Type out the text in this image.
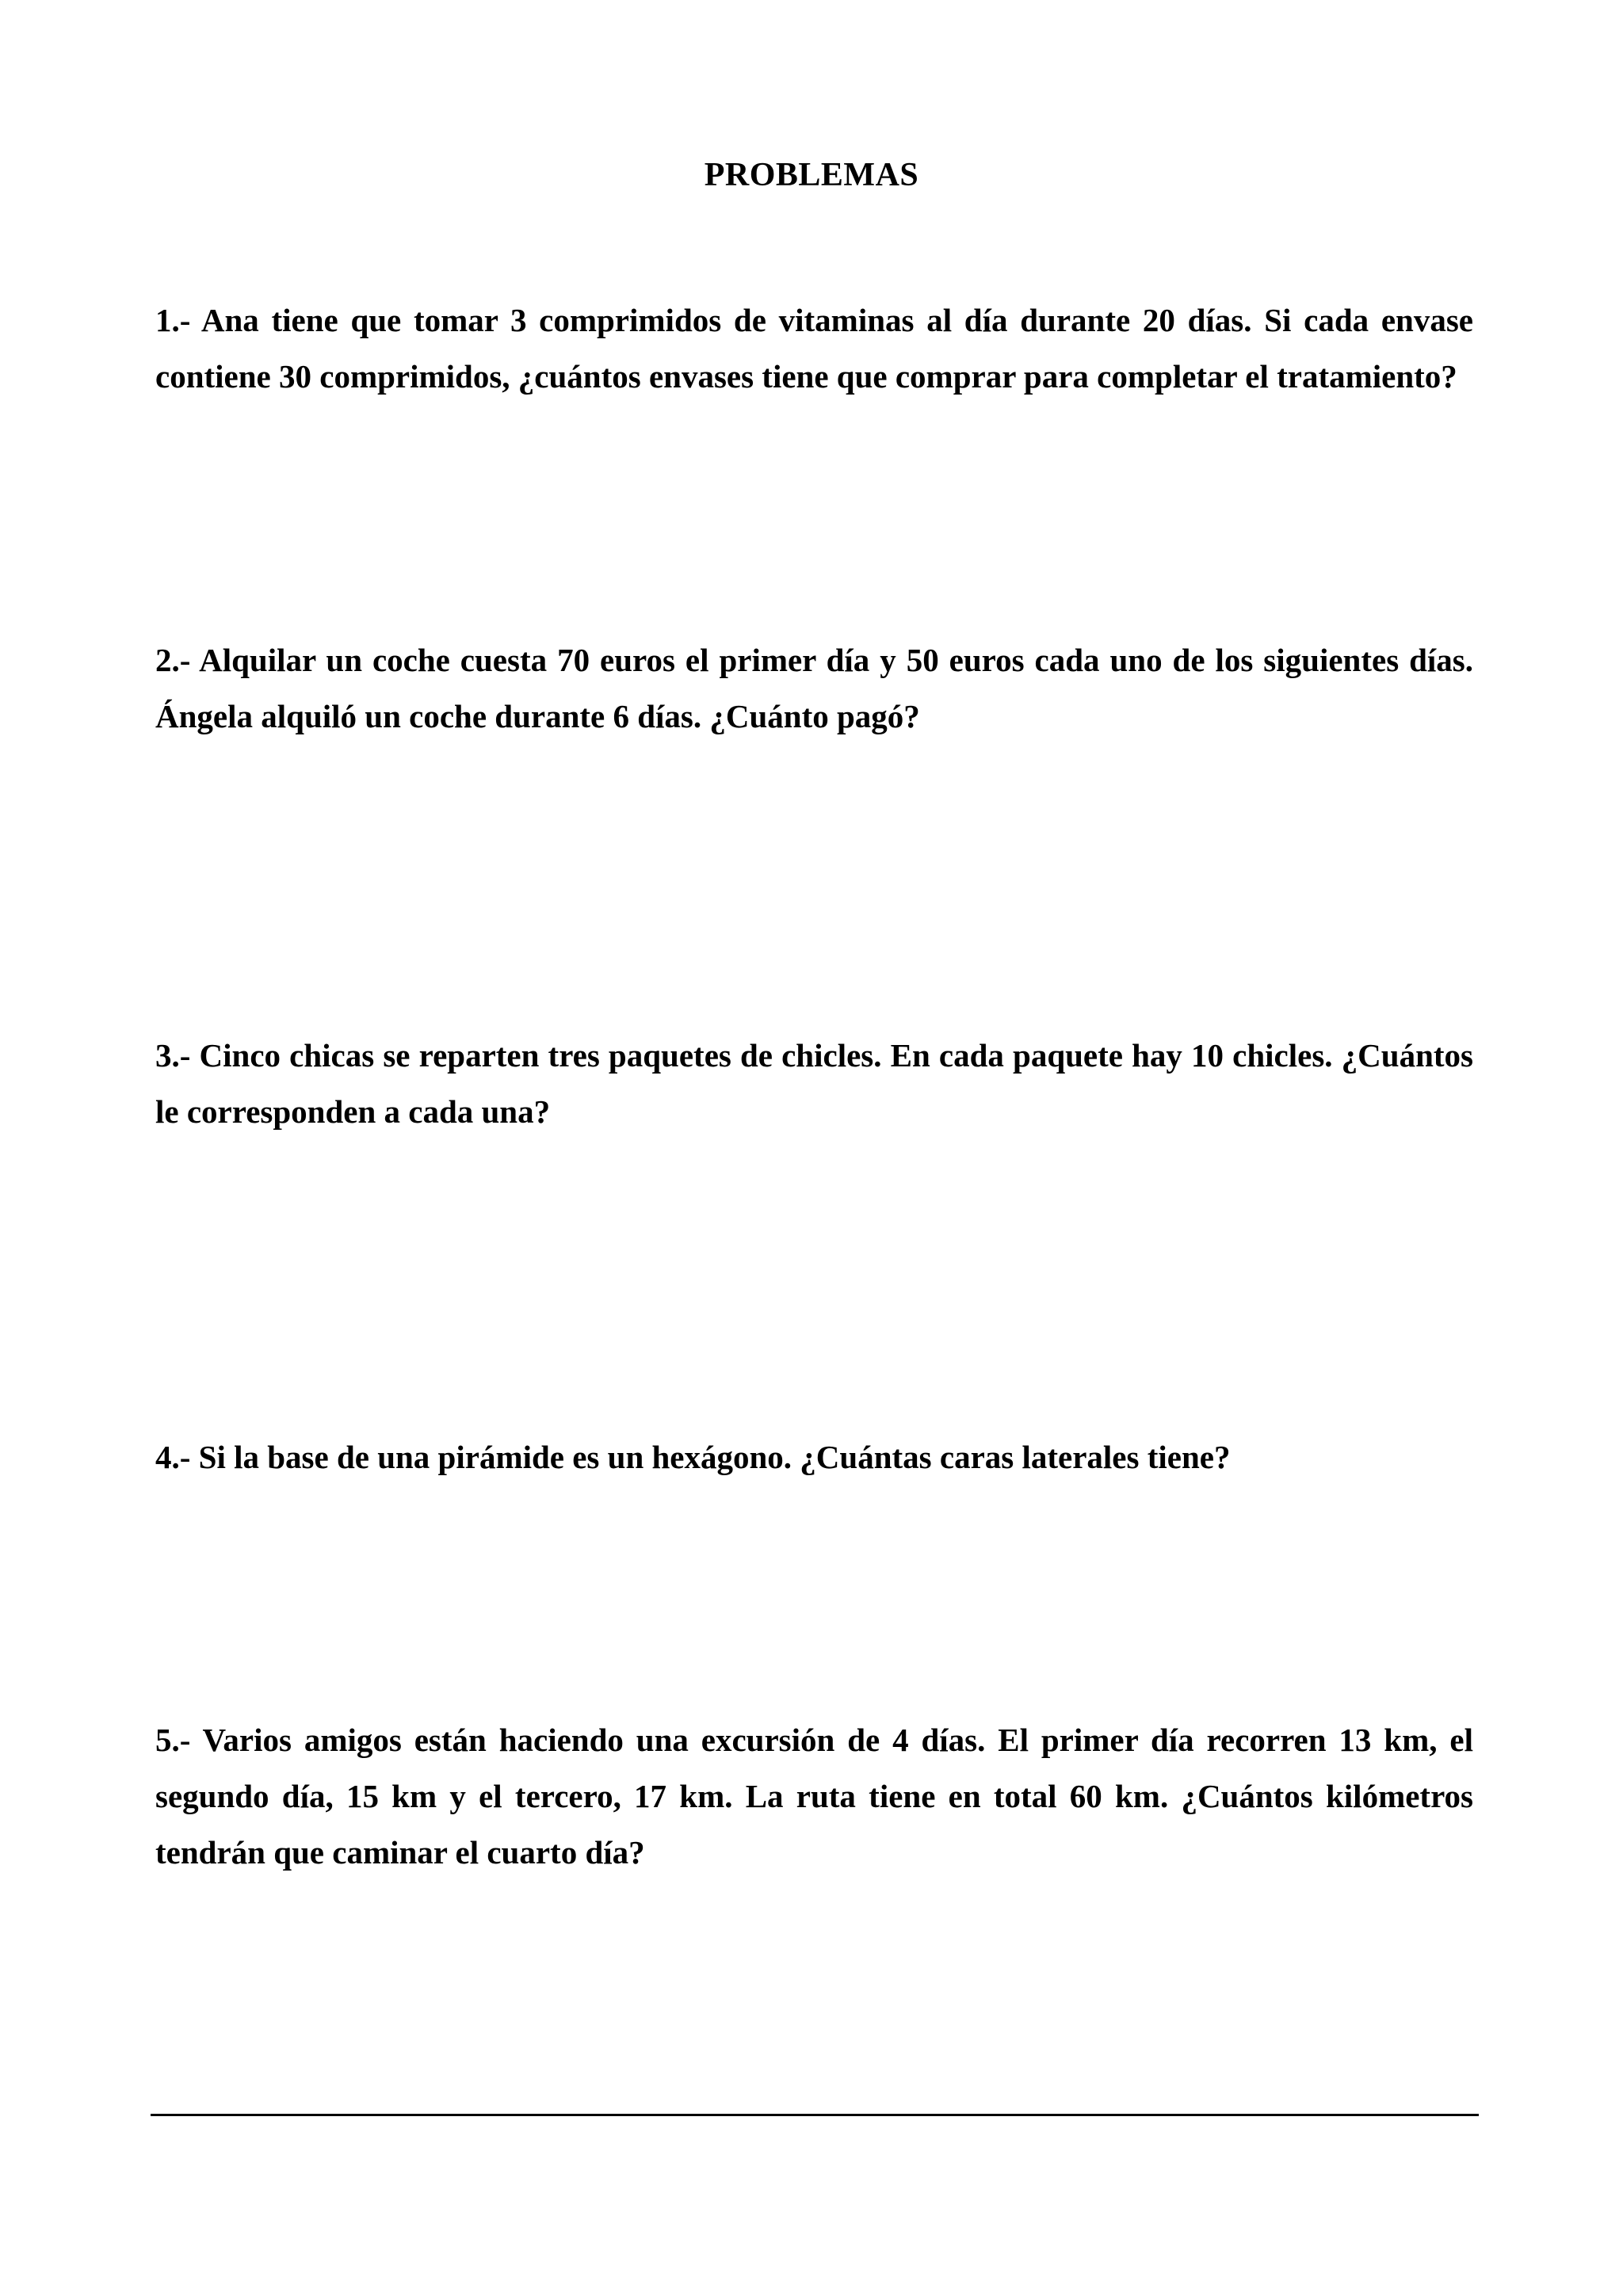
PROBLEMAS

1.- Ana tiene que tomar 3 comprimidos de vitaminas al día durante 20 días. Si cada envase contiene 30 comprimidos, ¿cuántos envases tiene que comprar para completar el tratamiento?

2.- Alquilar un coche cuesta 70 euros el primer día y 50 euros cada uno de los siguientes días. Ángela alquiló un coche durante 6 días. ¿Cuánto pagó?

3.- Cinco chicas se reparten tres paquetes de chicles. En cada paquete hay 10 chicles. ¿Cuántos le corresponden a cada una?

4.- Si la base de una pirámide es un hexágono. ¿Cuántas caras laterales tiene?

5.- Varios amigos están haciendo una excursión de 4 días. El primer día recorren 13 km, el segundo día, 15 km y el tercero, 17 km. La ruta tiene en total 60 km. ¿Cuántos kilómetros tendrán que caminar el cuarto día?
